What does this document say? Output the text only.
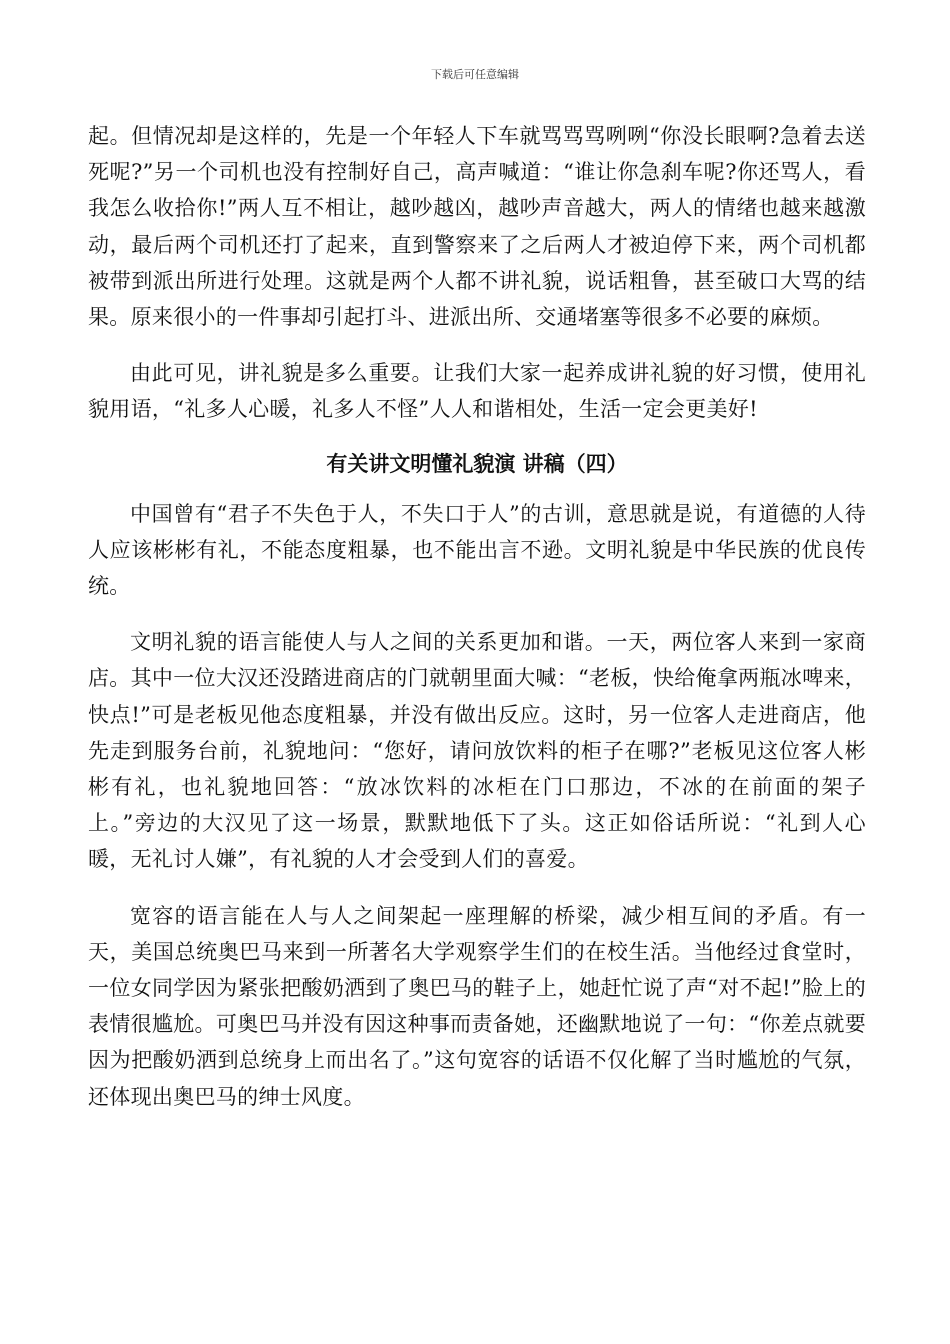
下载后可任意编辑

起。但情况却是这样的，先是一个年轻人下车就骂骂骂咧咧“你没长眼啊?急着去送死呢?”另一个司机也没有控制好自己，高声喊道：“谁让你急刹车呢?你还骂人，看我怎么收拾你!”两人互不相让，越吵越凶，越吵声音越大，两人的情绪也越来越激动，最后两个司机还打了起来，直到警察来了之后两人才被迫停下来，两个司机都被带到派出所进行处理。这就是两个人都不讲礼貌，说话粗鲁，甚至破口大骂的结果。原来很小的一件事却引起打斗、进派出所、交通堵塞等很多不必要的麻烦。

由此可见，讲礼貌是多么重要。让我们大家一起养成讲礼貌的好习惯，使用礼貌用语，“礼多人心暖，礼多人不怪”人人和谐相处，生活一定会更美好!

有关讲文明懂礼貌演 讲稿（四）

中国曾有“君子不失色于人，不失口于人”的古训，意思就是说，有道德的人待人应该彬彬有礼，不能态度粗暴，也不能出言不逊。文明礼貌是中华民族的优良传统。

文明礼貌的语言能使人与人之间的关系更加和谐。一天，两位客人来到一家商店。其中一位大汉还没踏进商店的门就朝里面大喊：“老板，快给俺拿两瓶冰啤来，快点!”可是老板见他态度粗暴，并没有做出反应。这时，另一位客人走进商店，他先走到服务台前，礼貌地问：“您好，请问放饮料的柜子在哪?”老板见这位客人彬彬有礼，也礼貌地回答：“放冰饮料的冰柜在门口那边，不冰的在前面的架子上。”旁边的大汉见了这一场景，默默地低下了头。这正如俗话所说：“礼到人心暖，无礼讨人嫌”，有礼貌的人才会受到人们的喜爱。

宽容的语言能在人与人之间架起一座理解的桥梁，减少相互间的矛盾。有一天，美国总统奥巴马来到一所著名大学观察学生们的在校生活。当他经过食堂时，一位女同学因为紧张把酸奶洒到了奥巴马的鞋子上，她赶忙说了声“对不起!”脸上的表情很尴尬。可奥巴马并没有因这种事而责备她，还幽默地说了一句：“你差点就要因为把酸奶洒到总统身上而出名了。”这句宽容的话语不仅化解了当时尴尬的气氛，还体现出奥巴马的绅士风度。
